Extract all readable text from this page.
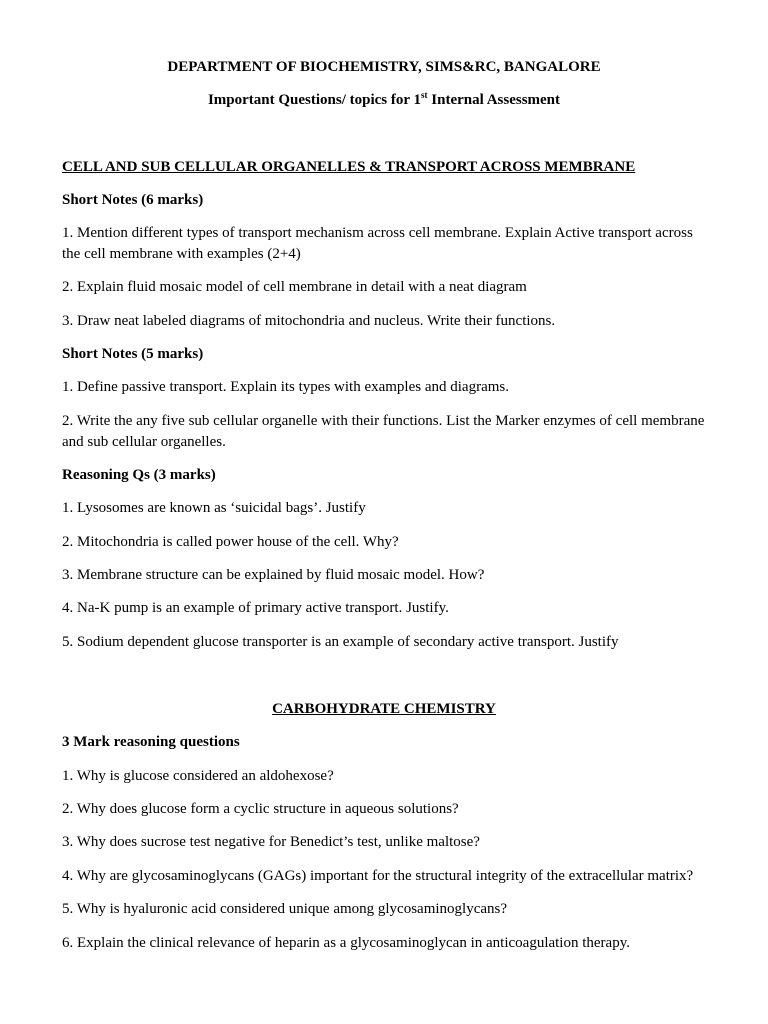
DEPARTMENT OF BIOCHEMISTRY, SIMS&RC, BANGALORE

Important Questions/ topics for 1st Internal Assessment

CELL AND SUB CELLULAR ORGANELLES & TRANSPORT ACROSS MEMBRANE

Short Notes (6 marks)

1. Mention different types of transport mechanism across cell membrane. Explain Active transport across the cell membrane with examples (2+4)

2. Explain fluid mosaic model of cell membrane in detail with a neat diagram

3. Draw neat labeled diagrams of mitochondria and nucleus. Write their functions.

Short Notes (5 marks)

1. Define passive transport. Explain its types with examples and diagrams.

2. Write the any five sub cellular organelle with their functions. List the Marker enzymes of cell membrane and sub cellular organelles.

Reasoning Qs (3 marks)

1. Lysosomes are known as ‘suicidal bags’. Justify

2. Mitochondria is called power house of the cell. Why?

3. Membrane structure can be explained by fluid mosaic model. How?

4. Na-K pump is an example of primary active transport. Justify.

5. Sodium dependent glucose transporter is an example of secondary active transport. Justify

CARBOHYDRATE CHEMISTRY

3 Mark reasoning questions

1. Why is glucose considered an aldohexose?

2. Why does glucose form a cyclic structure in aqueous solutions?

3. Why does sucrose test negative for Benedict’s test, unlike maltose?

4. Why are glycosaminoglycans (GAGs) important for the structural integrity of the extracellular matrix?

5. Why is hyaluronic acid considered unique among glycosaminoglycans?

6. Explain the clinical relevance of heparin as a glycosaminoglycan in anticoagulation therapy.
